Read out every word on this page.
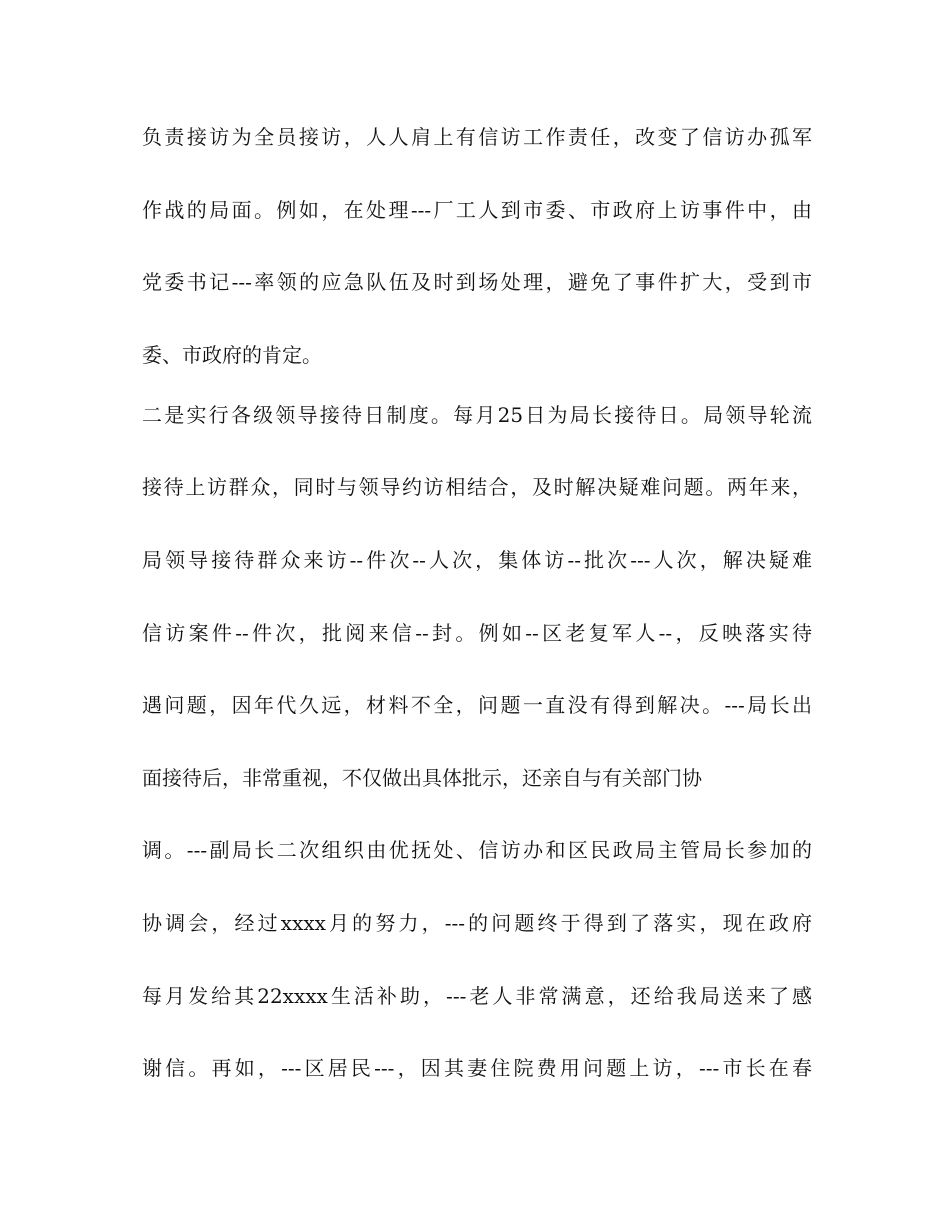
负责接访为全员接访，人人肩上有信访工作责任，改变了信访办孤军
作战的局面。例如，在处理---厂工人到市委、市政府上访事件中，由
党委书记---率领的应急队伍及时到场处理，避免了事件扩大，受到市
委、市政府的肯定。
二是实行各级领导接待日制度。每月25日为局长接待日。局领导轮流
接待上访群众，同时与领导约访相结合，及时解决疑难问题。两年来，
局领导接待群众来访--件次--人次，集体访--批次---人次，解决疑难
信访案件--件次，批阅来信--封。例如--区老复军人--，反映落实待
遇问题，因年代久远，材料不全，问题一直没有得到解决。---局长出
面接待后，非常重视，不仅做出具体批示，还亲自与有关部门协
调。---副局长二次组织由优抚处、信访办和区民政局主管局长参加的
协调会，经过xxxx月的努力，---的问题终于得到了落实，现在政府
每月发给其22xxxx生活补助，---老人非常满意，还给我局送来了感
谢信。再如，---区居民---，因其妻住院费用问题上访，---市长在春
